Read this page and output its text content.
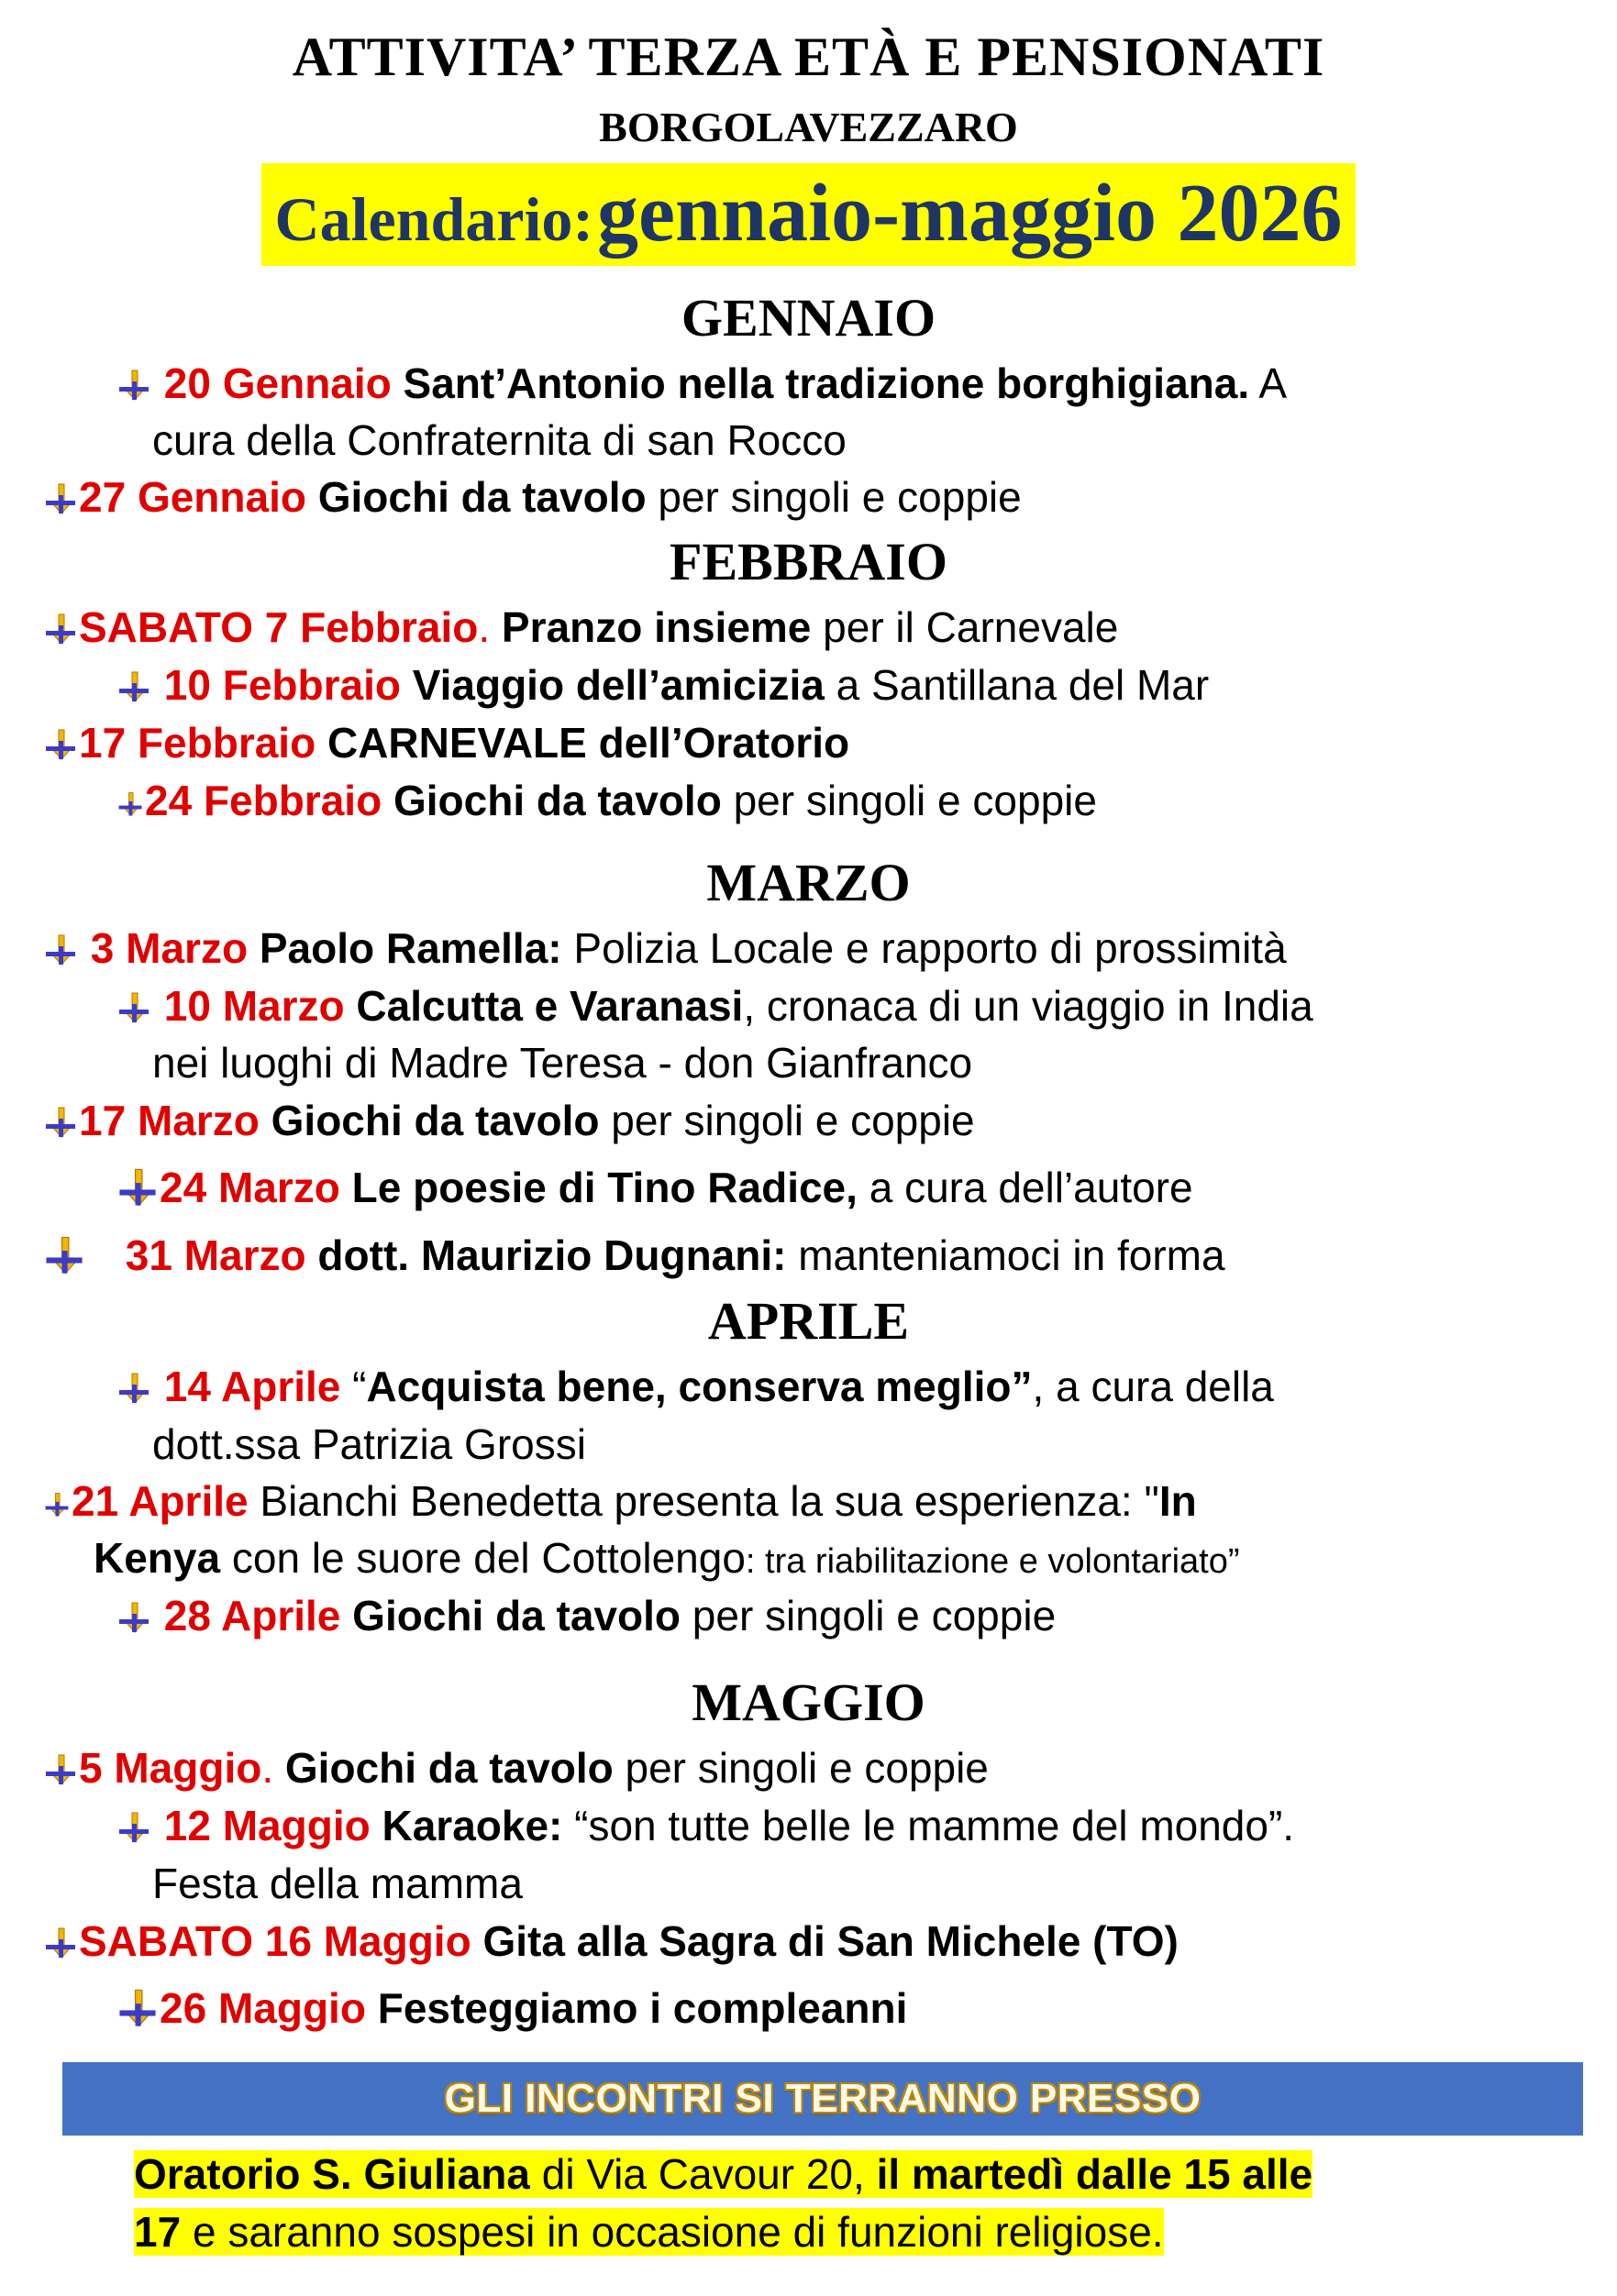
ATTIVITA’ TERZA ETÀ E PENSIONATI
BORGOLAVEZZARO
Calendario: gennaio-maggio 2026
GENNAIO
20 Gennaio Sant’Antonio nella tradizione borghigiana. A
cura della Confraternita di san Rocco
27 Gennaio Giochi da tavolo per singoli e coppie
FEBBRAIO
SABATO 7 Febbraio. Pranzo insieme per il Carnevale
10 Febbraio Viaggio dell’amicizia a Santillana del Mar
17 Febbraio CARNEVALE dell’Oratorio
24 Febbraio Giochi da tavolo per singoli e coppie
MARZO
3 Marzo Paolo Ramella: Polizia Locale e rapporto di prossimità
10 Marzo Calcutta e Varanasi, cronaca di un viaggio in India
nei luoghi di Madre Teresa - don Gianfranco
17 Marzo Giochi da tavolo per singoli e coppie
24 Marzo Le poesie di Tino Radice, a cura dell’autore
31 Marzo dott. Maurizio Dugnani: manteniamoci in forma
APRILE
14 Aprile “Acquista bene, conserva meglio”, a cura della
dott.ssa Patrizia Grossi
21 Aprile Bianchi Benedetta presenta la sua esperienza: "In
Kenya con le suore del Cottolengo: tra riabilitazione e volontariato”
28 Aprile Giochi da tavolo per singoli e coppie
MAGGIO
5 Maggio. Giochi da tavolo per singoli e coppie
12 Maggio Karaoke: “son tutte belle le mamme del mondo”.
Festa della mamma
SABATO 16 Maggio Gita alla Sagra di San Michele (TO)
26 Maggio Festeggiamo i compleanni
GLI INCONTRI SI TERRANNO PRESSO
Oratorio S. Giuliana di Via Cavour 20, il martedì dalle 15 alle
17 e saranno sospesi in occasione di funzioni religiose.
